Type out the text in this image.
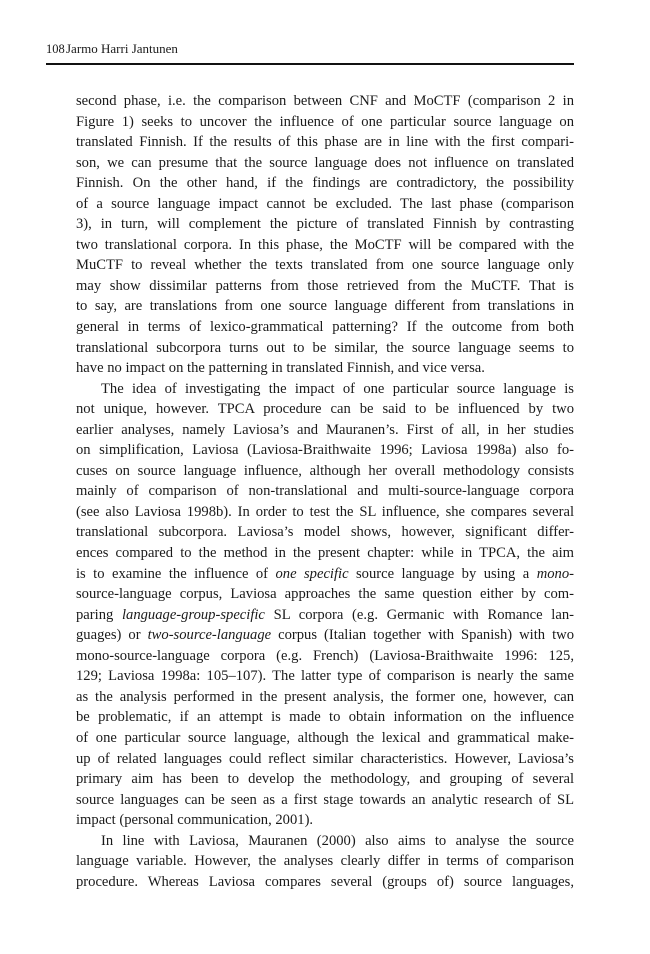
108Jarmo Harri Jantunen
second phase, i.e. the comparison between CNF and MoCTF (comparison 2 in
Figure 1) seeks to uncover the influence of one particular source language on
translated Finnish. If the results of this phase are in line with the first compari-
son, we can presume that the source language does not influence on translated
Finnish. On the other hand, if the findings are contradictory, the possibility
of a source language impact cannot be excluded. The last phase (comparison
3), in turn, will complement the picture of translated Finnish by contrasting
two translational corpora. In this phase, the MoCTF will be compared with the
MuCTF to reveal whether the texts translated from one source language only
may show dissimilar patterns from those retrieved from the MuCTF. That is
to say, are translations from one source language different from translations in
general in terms of lexico-grammatical patterning? If the outcome from both
translational subcorpora turns out to be similar, the source language seems to
have no impact on the patterning in translated Finnish, and vice versa.
The idea of investigating the impact of one particular source language is
not unique, however. TPCA procedure can be said to be influenced by two
earlier analyses, namely Laviosa’s and Mauranen’s. First of all, in her studies
on simplification, Laviosa (Laviosa-Braithwaite 1996; Laviosa 1998a) also fo-
cuses on source language influence, although her overall methodology consists
mainly of comparison of non-translational and multi-source-language corpora
(see also Laviosa 1998b). In order to test the SL influence, she compares several
translational subcorpora. Laviosa’s model shows, however, significant differ-
ences compared to the method in the present chapter: while in TPCA, the aim
is to examine the influence of one specific source language by using a mono-
source-language corpus, Laviosa approaches the same question either by com-
paring language-group-specific SL corpora (e.g. Germanic with Romance lan-
guages) or two-source-language corpus (Italian together with Spanish) with two
mono-source-language corpora (e.g. French) (Laviosa-Braithwaite 1996: 125,
129; Laviosa 1998a: 105–107). The latter type of comparison is nearly the same
as the analysis performed in the present analysis, the former one, however, can
be problematic, if an attempt is made to obtain information on the influence
of one particular source language, although the lexical and grammatical make-
up of related languages could reflect similar characteristics. However, Laviosa’s
primary aim has been to develop the methodology, and grouping of several
source languages can be seen as a first stage towards an analytic research of SL
impact (personal communication, 2001).
In line with Laviosa, Mauranen (2000) also aims to analyse the source
language variable. However, the analyses clearly differ in terms of comparison
procedure. Whereas Laviosa compares several (groups of) source languages,
